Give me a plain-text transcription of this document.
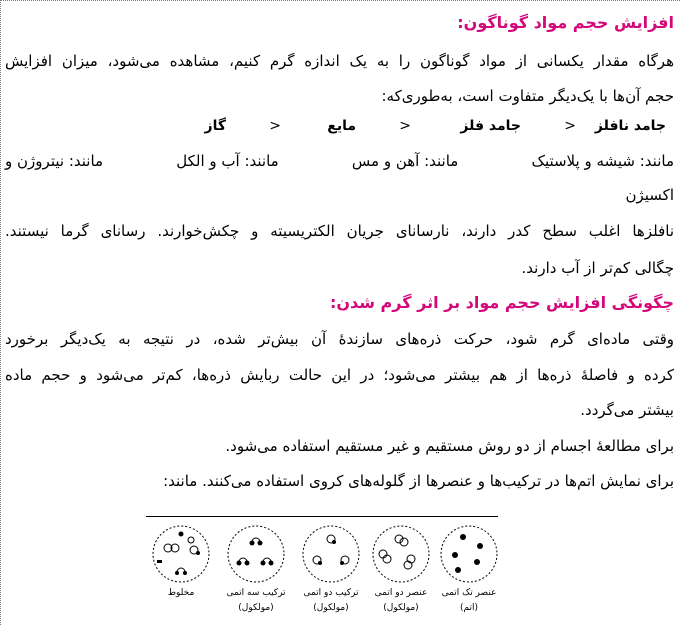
افزایش حجم مواد گوناگون:
هرگاه مقدار یکسانی از مواد گوناگون را به یک اندازه گرم کنیم، مشاهده می‌شود، میزان افزایش
حجم آن‌ها با یک‌دیگر متفاوت است، به‌طوری‌که:
جامد نافلز
<
جامد فلز
<
مایع
<
گاز
مانند: شیشه و پلاستیک
مانند: آهن و مس
مانند: آب و الکل
مانند: نیتروژن و
اکسیژن
نافلزها اغلب سطح کدر دارند، نارسانای جریان الکتریسیته و چکش‌خوارند. رسانای گرما نیستند.
چگالی کم‌تر از آب دارند.
چگونگی افزایش حجم مواد بر اثر گرم شدن:
وقتی ماده‌ای گرم شود، حرکت ذره‌های سازندهٔ آن بیش‌تر شده، در نتیجه به یک‌دیگر برخورد
کرده و فاصلهٔ ذره‌ها از هم بیشتر می‌شود؛ در این حالت ربایش ذره‌ها، کم‌تر می‌شود و حجم ماده
بیشتر می‌گردد.
برای مطالعهٔ اجسام از دو روش مستقیم و غیر مستقیم استفاده می‌شود.
برای نمایش اتم‌ها در ترکیب‌ها و عنصرها از گلوله‌های کروی استفاده می‌کنند. مانند:
مخلوط	ترکیب سه اتمی
(مولکول)
ترکیب دو اتمی
(مولکول)
عنصر دو اتمی
(مولکول)
عنصر تک اتمی
(اتم)
